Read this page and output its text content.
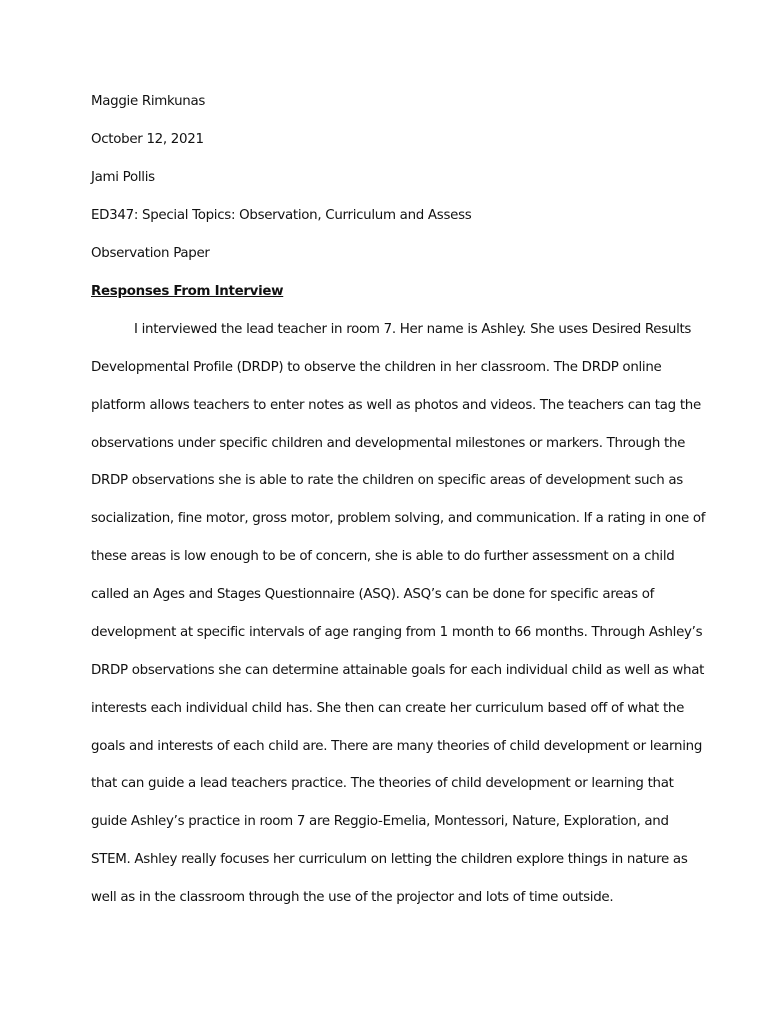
Maggie Rimkunas
October 12, 2021
Jami Pollis
ED347: Special Topics: Observation, Curriculum and Assess
Observation Paper
Responses From Interview
I interviewed the lead teacher in room 7. Her name is Ashley. She uses Desired Results
Developmental Profile (DRDP) to observe the children in her classroom. The DRDP online
platform allows teachers to enter notes as well as photos and videos. The teachers can tag the
observations under specific children and developmental milestones or markers. Through the
DRDP observations she is able to rate the children on specific areas of development such as
socialization, fine motor, gross motor, problem solving, and communication. If a rating in one of
these areas is low enough to be of concern, she is able to do further assessment on a child
called an Ages and Stages Questionnaire (ASQ). ASQ’s can be done for specific areas of
development at specific intervals of age ranging from 1 month to 66 months. Through Ashley’s
DRDP observations she can determine attainable goals for each individual child as well as what
interests each individual child has. She then can create her curriculum based off of what the
goals and interests of each child are. There are many theories of child development or learning
that can guide a lead teachers practice. The theories of child development or learning that
guide Ashley’s practice in room 7 are Reggio-Emelia, Montessori, Nature, Exploration, and
STEM. Ashley really focuses her curriculum on letting the children explore things in nature as
well as in the classroom through the use of the projector and lots of time outside.
